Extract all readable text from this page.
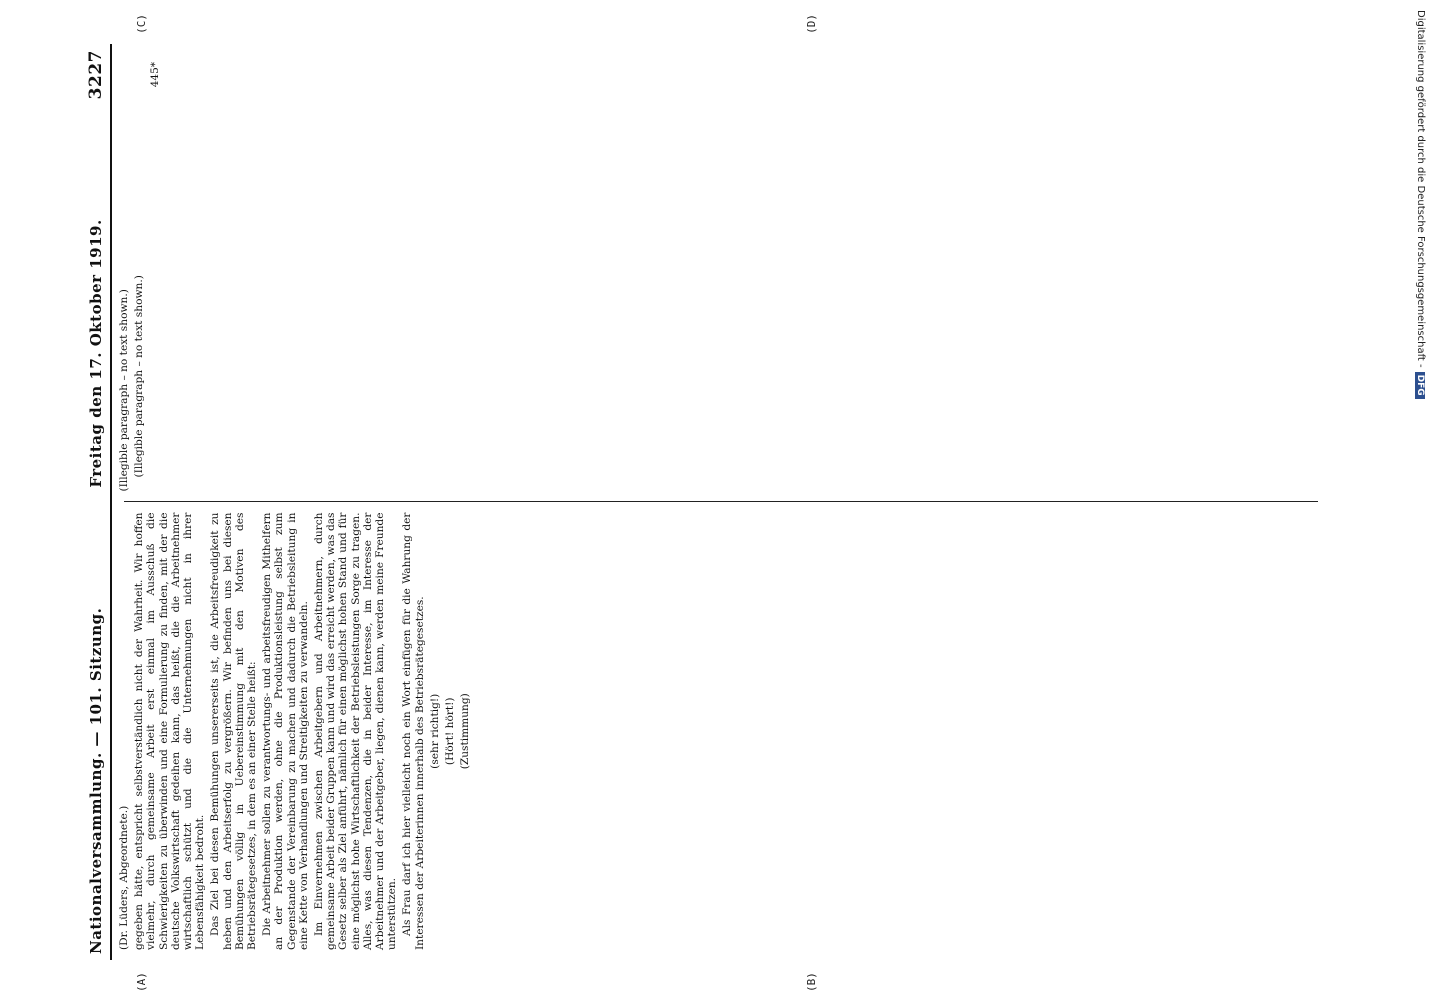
Nationalversammlung. — 101. Sitzung.
Freitag den 17. Oktober 1919.
3227
(A)	(B)
(Dr. Lüders, Abgeordnete.) gegeben hätte, entspricht selbstverständlich nicht der Wahrheit. Wir hoffen vielmehr, durch gemeinsame Arbeit erst einmal im Ausschuß die Schwierigkeiten zu überwinden und eine Formulierung zu finden, mit der die deutsche Volkswirtschaft gedeihen kann, das heißt, die die Arbeitnehmer wirtschaftlich schützt und die die Unternehmungen nicht in ihrer Lebensfähigkeit bedroht. Das Ziel bei diesen Bemühungen unsererseits ist, die Arbeitsfreudigkeit zu heben und den Arbeitserfolg zu vergrößern. Wir befinden uns bei diesen Bemühungen völlig in Uebereinstimmung mit den Motiven des Betriebsrätegesetzes, in dem es an einer Stelle heißt: Die Arbeitnehmer sollen zu verantwortungs- und arbeitsfreudigen Mithelfern an der Produktion werden, ohne die Produktionsleistung selbst zum Gegenstande der Vereinbarung zu machen und dadurch die Betriebsleitung in eine Kette von Verhandlungen und Streitigkeiten zu verwandeln. Im Einvernehmen zwischen Arbeitgebern und Arbeitnehmern, durch gemeinsame Arbeit beider Gruppen kann und wird das erreicht werden, was das Gesetz selber als Ziel anführt, nämlich für einen möglichst hohen Stand und für eine möglichst hohe Wirtschaftlichkeit der Betriebsleistungen Sorge zu tragen. Alles, was diesen Tendenzen, die in beider Interesse, im Interesse der Arbeitnehmer und der Arbeitgeber, liegen, dienen kann, werden meine Freunde unterstützen. Als Frau darf ich hier vielleicht noch ein Wort einfügen für die Wahrung der Interessen der Arbeiterinnen innerhalb des Betriebsrätegesetzes. (sehr richtig!) (Hört! hört!) (Zustimmung)

(C)	(D)

(Illegible paragraph – no text shown.) (Illegible paragraph – no text shown.)

445*	Digitalisierung gefördert durch die Deutsche Forschungsgemeinschaft -DFG
